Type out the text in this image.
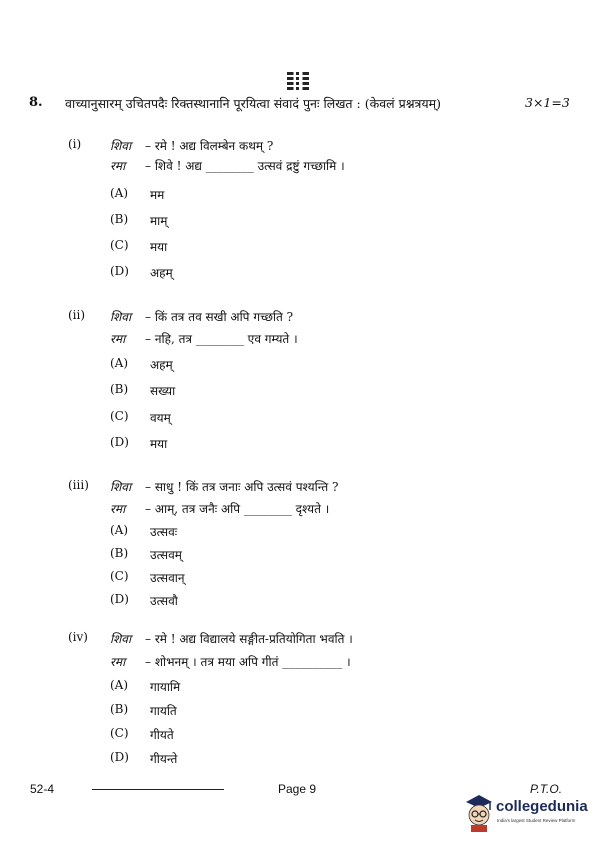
8. वाच्यानुसारम् उचितपदैः रिक्तस्थानानि पूरयित्वा संवादं पुनः लिखत : (केवलं प्रश्नत्रयम्)	3×1=3
(i) शिवा – रमे ! अद्य विलम्बेन कथम् ?
रमा – शिवे ! अद्य ________ उत्सवं द्रष्टुं गच्छामि ।
(A) मम
(B) माम्
(C) मया
(D) अहम्
(ii) शिवा – किं तत्र तव सखी अपि गच्छति ?
रमा – नहि, तत्र ________ एव गम्यते ।
(A) अहम्
(B) सख्या
(C) वयम्
(D) मया
(iii) शिवा – साधु ! किं तत्र जनाः अपि उत्सवं पश्यन्ति ?
रमा – आम्, तत्र जनैः अपि ________ दृश्यते ।
(A) उत्सवः
(B) उत्सवम्
(C) उत्सवान्
(D) उत्सवौ
(iv) शिवा – रमे ! अद्य विद्यालये सङ्गीत-प्रतियोगिता भवति ।
रमा – शोभनम् । तत्र मया अपि गीतं __________ ।
(A) गायामि
(B) गायति
(C) गीयते
(D) गीयन्ते
52-4	Page 9	P.T.O.
collegedunia
India's largest Student Review Platform
